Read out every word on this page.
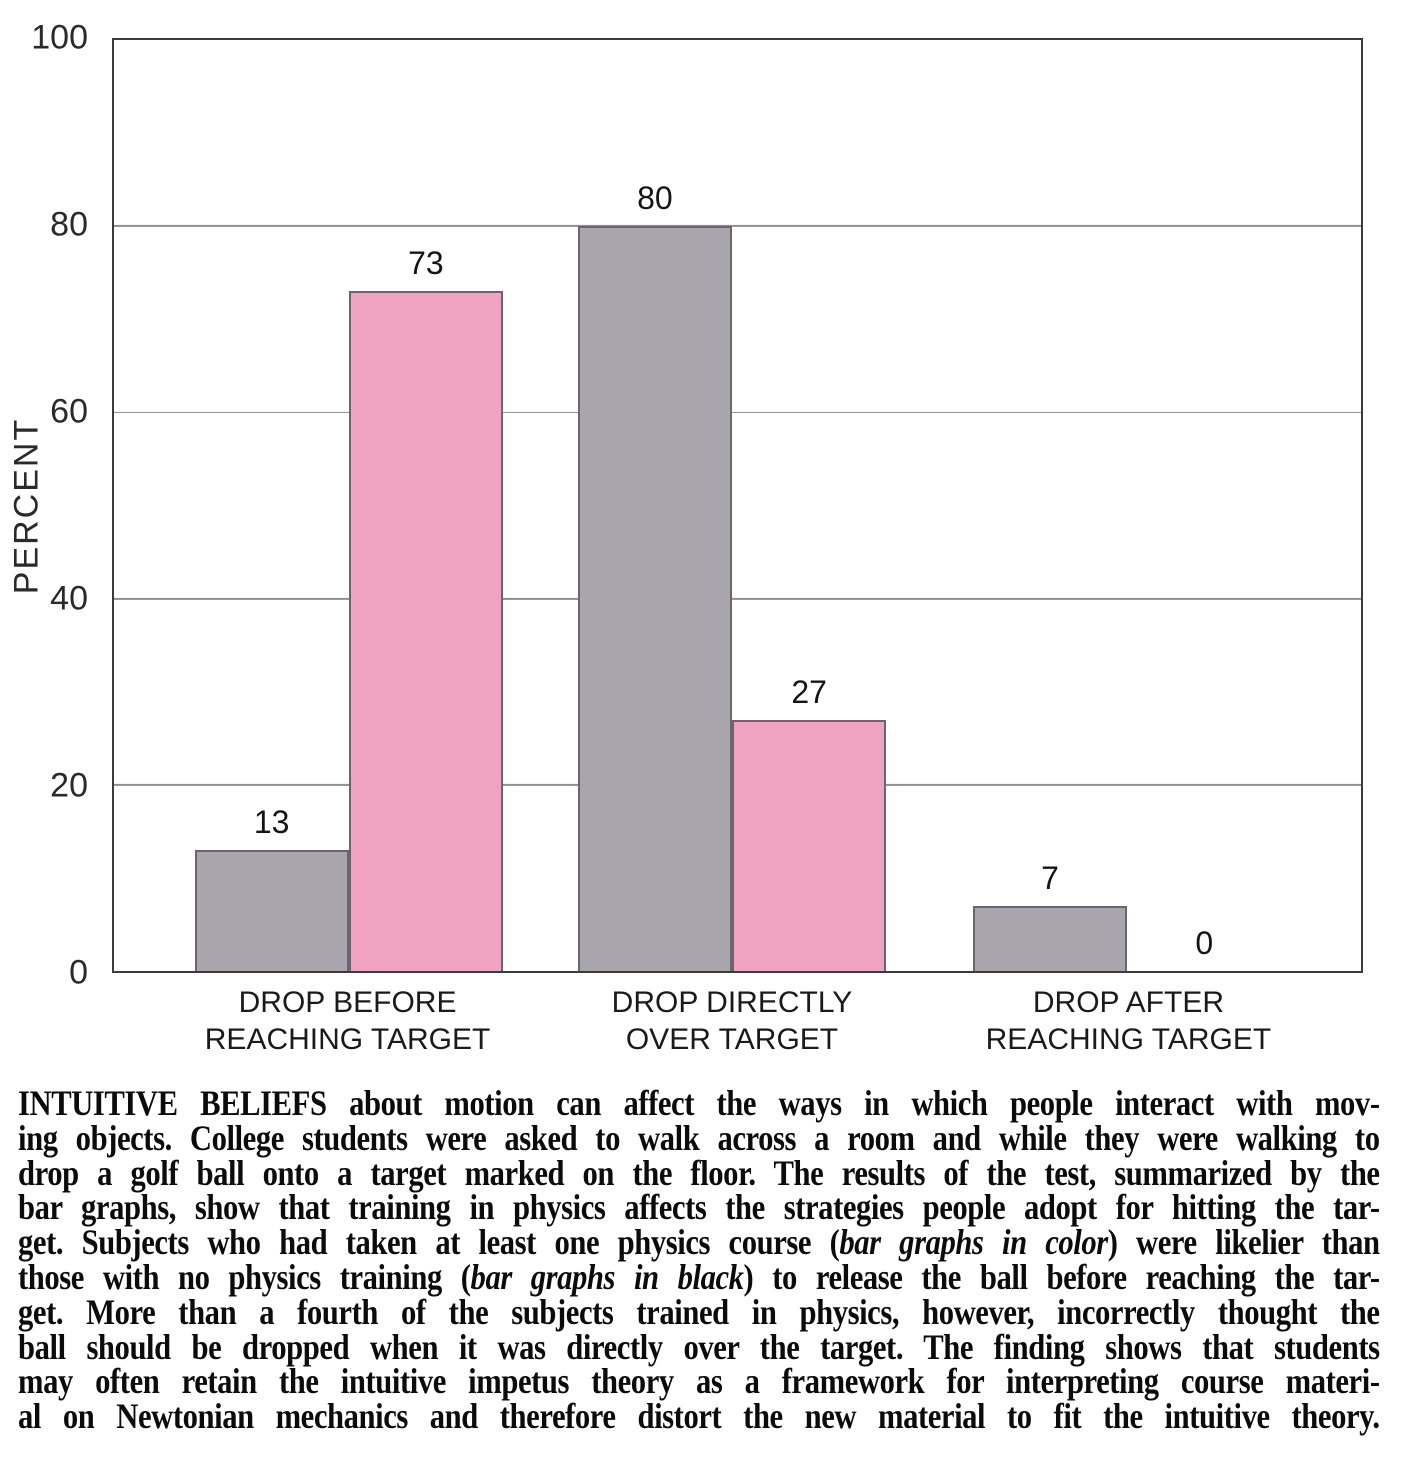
PERCENT
0
20
40
60
80
100
13
80
7
73
27
0
DROP BEFORE
REACHING TARGET
DROP DIRECTLY
OVER TARGET
DROP AFTER
REACHING TARGET
INTUITIVE BELIEFS about motion can affect the ways in which people interact with mov-
ing objects. College students were asked to walk across a room and while they were walking to
drop a golf ball onto a target marked on the floor. The results of the test, summarized by the
bar graphs, show that training in physics affects the strategies people adopt for hitting the tar-
get. Subjects who had taken at least one physics course (bar graphs in color) were likelier than
those with no physics training (bar graphs in black) to release the ball before reaching the tar-
get. More than a fourth of the subjects trained in physics, however, incorrectly thought the
ball should be dropped when it was directly over the target. The finding shows that students
may often retain the intuitive impetus theory as a framework for interpreting course materi-
al on Newtonian mechanics and therefore distort the new material to fit the intuitive theory.
